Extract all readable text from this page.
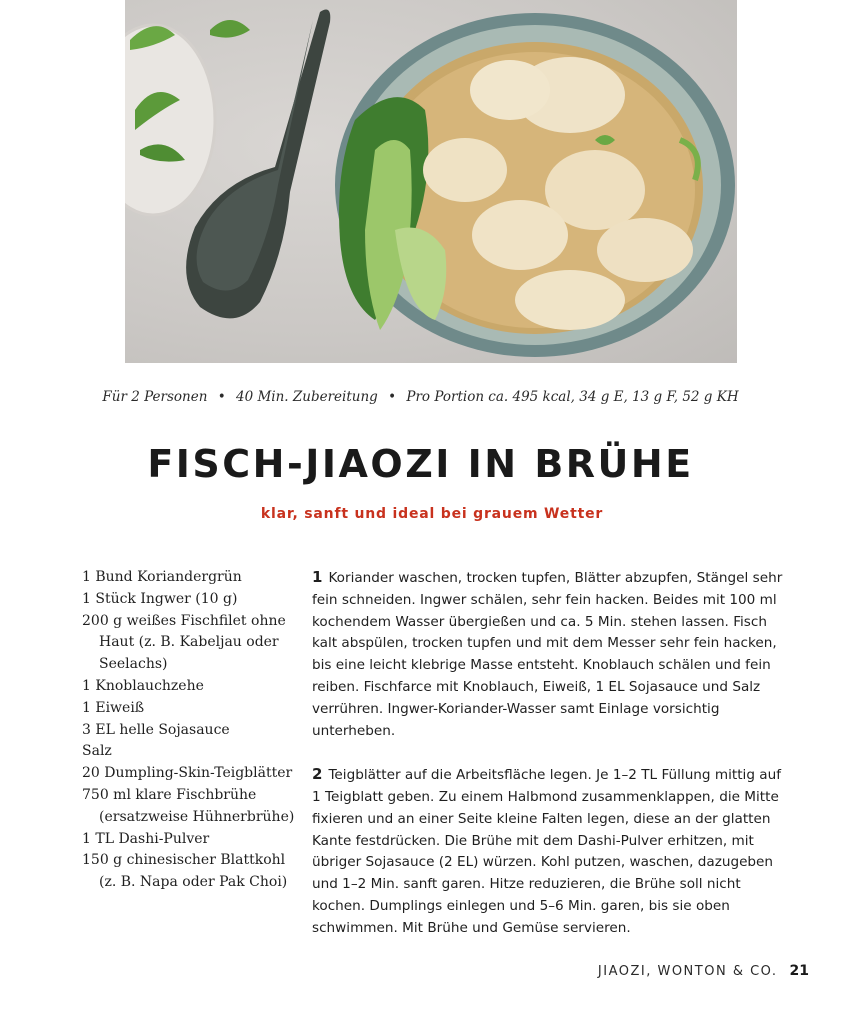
Für 2 Personen • 40 Min. Zubereitung • Pro Portion ca. 495 kcal, 34 g E, 13 g F, 52 g KH
FISCH-JIAOZI IN BRÜHE
klar, sanft und ideal bei grauem Wetter
1 Bund Koriandergrün
1 Stück Ingwer (10 g)
200 g weißes Fischfilet ohne Haut (z. B. Kabeljau oder Seelachs)
1 Knoblauchzehe
1 Eiweiß
3 EL helle Sojasauce
Salz
20 Dumpling-Skin-Teigblätter
750 ml klare Fischbrühe (ersatzweise Hühnerbrühe)
1 TL Dashi-Pulver
150 g chinesischer Blattkohl (z. B. Napa oder Pak Choi)

1 Koriander waschen, trocken tupfen, Blätter abzupfen, Stängel sehr fein schneiden. Ingwer schälen, sehr fein hacken. Beides mit 100 ml kochendem Wasser übergießen und ca. 5 Min. stehen lassen. Fisch kalt abspülen, trocken tupfen und mit dem Messer sehr fein hacken, bis eine leicht klebrige Masse entsteht. Knoblauch schälen und fein reiben. Fischfarce mit Knoblauch, Eiweiß, 1 EL Sojasauce und Salz verrühren. Ingwer-Koriander-Wasser samt Einlage vorsichtig unterheben.

2 Teigblätter auf die Arbeitsfläche legen. Je 1–2 TL Füllung mittig auf 1 Teigblatt geben. Zu einem Halbmond zusammenklappen, die Mitte fixieren und an einer Seite kleine Falten legen, diese an der glatten Kante festdrücken. Die Brühe mit dem Dashi-Pulver erhitzen, mit übriger Sojasauce (2 EL) würzen. Kohl putzen, waschen, dazugeben und 1–2 Min. sanft garen. Hitze reduzieren, die Brühe soll nicht kochen. Dumplings einlegen und 5–6 Min. garen, bis sie oben schwimmen. Mit Brühe und Gemüse servieren.

JIAOZI, WONTON & CO. 21
